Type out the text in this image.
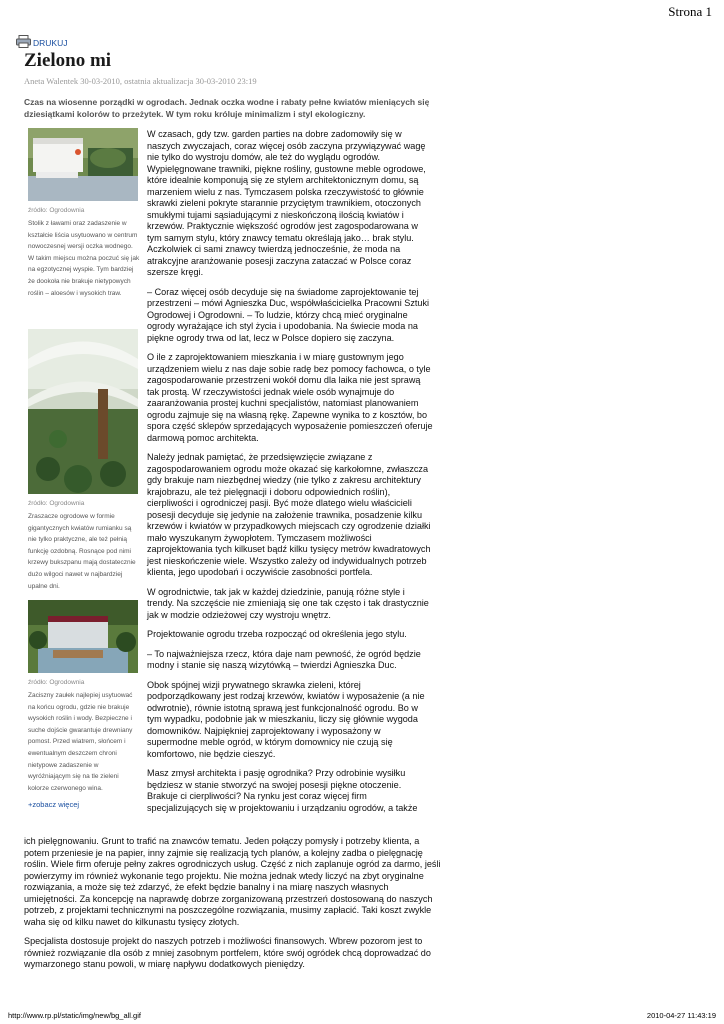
Strona 1
DRUKUJ
Zielono mi
Aneta Walentek 30-03-2010, ostatnia aktualizacja 30-03-2010 23:19
Czas na wiosenne porządki w ogrodach. Jednak oczka wodne i rabaty pełne kwiatów mieniących się dziesiątkami kolorów to przeżytek. W tym roku króluje minimalizm i styl ekologiczny.
źródło: Ogrodownia
Stolik z ławami oraz zadaszenie w kształcie liścia usytuowano w centrum nowoczesnej wersji oczka wodnego. W takim miejscu można poczuć się jak na egzotycznej wyspie. Tym bardziej że dookoła nie brakuje nietypowych roślin – aloesów i wysokich traw.
źródło: Ogrodownia
Zraszacze ogrodowe w formie gigantycznych kwiatów rumianku są nie tylko praktyczne, ale też pełnią funkcję ozdobną. Rosnące pod nimi krzewy bukszpanu mają dostatecznie dużo wilgoci nawet w najbardziej upalne dni.
źródło: Ogrodownia
Zaciszny zaułek najlepiej usytuować na końcu ogrodu, gdzie nie brakuje wysokich roślin i wody. Bezpieczne i suche dojście gwarantuje drewniany pomost. Przed wiatrem, słońcem i ewentualnym deszczem chroni nietypowe zadaszenie w wyróżniającym się na tle zieleni kolorze czerwonego wina.
+zobacz więcej

W czasach, gdy tzw. garden parties na dobre zadomowiły się w naszych zwyczajach, coraz więcej osób zaczyna przywiązywać wagę nie tylko do wystroju domów, ale też do wyglądu ogrodów. Wypielęgnowane trawniki, piękne rośliny, gustowne meble ogrodowe, które idealnie komponują się ze stylem architektonicznym domu, są marzeniem wielu z nas. Tymczasem polska rzeczywistość to głównie skrawki zieleni pokryte starannie przyciętym trawnikiem, otoczonych smukłymi tujami sąsiadującymi z nieskończoną ilością kwiatów i krzewów. Praktycznie większość ogrodów jest zagospodarowana w tym samym stylu, który znawcy tematu określają jako… brak stylu. Aczkolwiek ci sami znawcy twierdzą jednocześnie, że moda na atrakcyjne aranżowanie posesji zaczyna zataczać w Polsce coraz szersze kręgi.

– Coraz więcej osób decyduje się na świadome zaprojektowanie tej przestrzeni – mówi Agnieszka Duc, współwłaścicielka Pracowni Sztuki Ogrodowej i Ogrodowni. – To ludzie, którzy chcą mieć oryginalne ogrody wyrażające ich styl życia i upodobania. Na świecie moda na piękne ogrody trwa od lat, lecz w Polsce dopiero się zaczyna.

O ile z zaprojektowaniem mieszkania i w miarę gustownym jego urządzeniem wielu z nas daje sobie radę bez pomocy fachowca, o tyle zagospodarowanie przestrzeni wokół domu dla laika nie jest sprawą tak prostą. W rzeczywistości jednak wiele osób wynajmuje do zaaranżowania prostej kuchni specjalistów, natomiast planowaniem ogrodu zajmuje się na własną rękę. Zapewne wynika to z kosztów, bo spora część sklepów sprzedających wyposażenie pomieszczeń oferuje darmową pomoc architekta.

Należy jednak pamiętać, że przedsięwzięcie związane z zagospodarowaniem ogrodu może okazać się karkołomne, zwłaszcza gdy brakuje nam niezbędnej wiedzy (nie tylko z zakresu architektury krajobrazu, ale też pielęgnacji i doboru odpowiednich roślin), cierpliwości i ogrodniczej pasji. Być może dlatego wielu właścicieli posesji decyduje się jedynie na założenie trawnika, posadzenie kilku krzewów i kwiatów w przypadkowych miejscach czy ogrodzenie działki mało wyszukanym żywopłotem. Tymczasem możliwości zaprojektowania tych kilkuset bądź kilku tysięcy metrów kwadratowych jest nieskończenie wiele. Wszystko zależy od indywidualnych potrzeb klienta, jego upodobań i oczywiście zasobności portfela.

W ogrodnictwie, tak jak w każdej dziedzinie, panują różne style i trendy. Na szczęście nie zmieniają się one tak często i tak drastycznie jak w modzie odzieżowej czy wystroju wnętrz.

Projektowanie ogrodu trzeba rozpocząć od określenia jego stylu.

– To najważniejsza rzecz, która daje nam pewność, że ogród będzie modny i stanie się naszą wizytówką – twierdzi Agnieszka Duc.

Obok spójnej wizji prywatnego skrawka zieleni, której podporządkowany jest rodzaj krzewów, kwiatów i wyposażenie (a nie odwrotnie), równie istotną sprawą jest funkcjonalność ogrodu. Bo w tym wypadku, podobnie jak w mieszkaniu, liczy się głównie wygoda domowników. Najpiękniej zaprojektowany i wyposażony w supermodne meble ogród, w którym domownicy nie czują się komfortowo, nie będzie cieszyć.

Masz zmysł architekta i pasję ogrodnika? Przy odrobinie wysiłku będziesz w stanie stworzyć na swojej posesji piękne otoczenie. Brakuje ci cierpliwości? Na rynku jest coraz więcej firm specjalizujących się w projektowaniu i urządzaniu ogrodów, a także

ich pielęgnowaniu. Grunt to trafić na znawców tematu. Jeden połączy pomysły i potrzeby klienta, a potem przeniesie je na papier, inny zajmie się realizacją tych planów, a kolejny zadba o pielęgnację roślin. Wiele firm oferuje pełny zakres ogrodniczych usług. Część z nich zaplanuje ogród za darmo, jeśli powierzymy im również wykonanie tego projektu. Nie można jednak wtedy liczyć na zbyt oryginalne rozwiązania, a może się też zdarzyć, że efekt będzie banalny i na miarę naszych własnych umiejętności. Za koncepcję na naprawdę dobrze zorganizowaną przestrzeń dostosowaną do naszych potrzeb, z projektami technicznymi na poszczególne rozwiązania, musimy zapłacić. Taki koszt zwykle waha się od kilku nawet do kilkunastu tysięcy złotych.

Specjalista dostosuje projekt do naszych potrzeb i możliwości finansowych. Wbrew pozorom jest to również rozwiązanie dla osób z mniej zasobnym portfelem, które swój ogródek chcą doprowadzać do wymarzonego stanu powoli, w miarę napływu dodatkowych pieniędzy.

http://www.rp.pl/static/img/new/bg_all.gif	2010-04-27 11:43:19
